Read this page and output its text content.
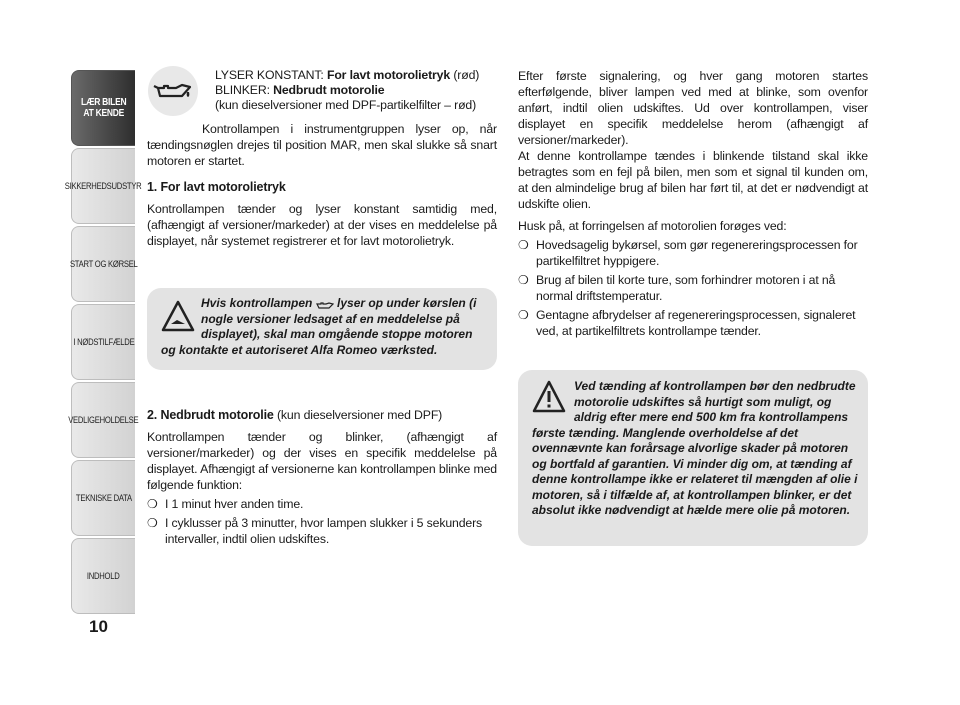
LÆR BILEN
AT KENDE
SIKKERHEDSUDSTYR
START OG KØRSEL
I NØDSTILFÆLDE
VEDLIGEHOLDELSE
TEKNISKE DATA
INDHOLD
10
LYSER KONSTANT: For lavt motorolietryk (rød)
BLINKER: Nedbrudt motorolie
(kun dieselversioner med DPF-partikelfilter – rød)

Kontrollampen i instrumentgruppen lyser op, når tændingsnøglen drejes til position MAR, men skal slukke så snart motoren er startet.

1. For lavt motorolietryk

Kontrollampen tænder og lyser konstant samtidig med, (afhængigt af versioner/markeder) at der vises en meddelelse på displayet, når systemet registrerer et for lavt motorolietryk.

Hvis kontrollampen  lyser op under kørslen (i nogle versioner ledsaget af en meddelelse på displayet), skal man omgående stoppe motoren og kontakte et autoriseret Alfa Romeo værksted.
2. Nedbrudt motorolie (kun dieselversioner med DPF)

Kontrollampen tænder og blinker, (afhængigt af versioner/markeder) og der vises en specifik meddelelse på displayet. Afhængigt af versionerne kan kontrollampen blinke med følgende funktion:

❍ I 1 minut hver anden time.
❍ I cyklusser på 3 minutter, hvor lampen slukker i 5 sekunders intervaller, indtil olien udskiftes.

Efter første signalering, og hver gang motoren startes efterfølgende, bliver lampen ved med at blinke, som ovenfor anført, indtil olien udskiftes. Ud over kontrollampen, viser displayet en specifik meddelelse herom (afhængigt af versioner/markeder).

At denne kontrollampe tændes i blinkende tilstand skal ikke betragtes som en fejl på bilen, men som et signal til kunden om, at den almindelige brug af bilen har ført til, at det er nødvendigt at udskifte olien.

Husk på, at forringelsen af motorolien forøges ved:

❍ Hovedsagelig bykørsel, som gør regenereringsprocessen for partikelfiltret hyppigere.
❍ Brug af bilen til korte ture, som forhindrer motoren i at nå normal driftstemperatur.
❍ Gentagne afbrydelser af regenereringsprocessen, signaleret ved, at partikelfiltrets kontrollampe tænder.
Ved tænding af kontrollampen bør den nedbrudte motorolie udskiftes så hurtigt som muligt, og aldrig efter mere end 500 km fra kontrollampens første tænding. Manglende overholdelse af det ovennævnte kan forårsage alvorlige skader på motoren og bortfald af garantien. Vi minder dig om, at tænding af denne kontrollampe ikke er relateret til mængden af olie i motoren, så i tilfælde af, at kontrollampen blinker, er det absolut ikke nødvendigt at hælde mere olie på motoren.
